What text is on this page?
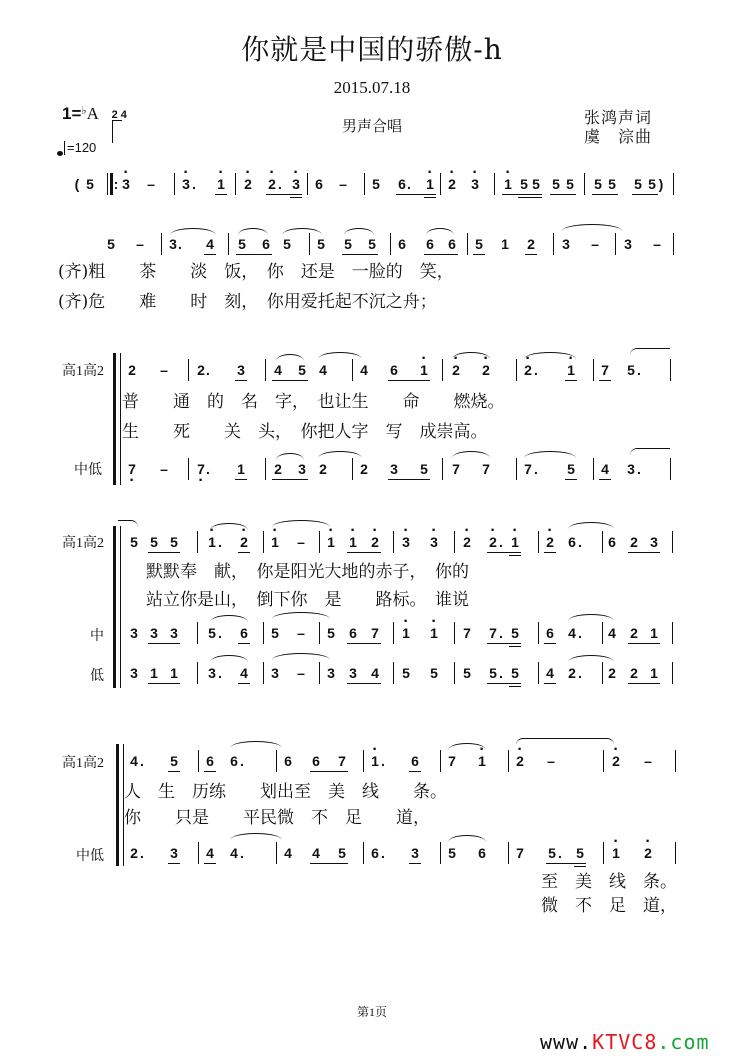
你就是中国的骄傲-h
2015.07.18
男声合唱	张鸿声词
虞　淙曲
1=♭A 2 4
=120
( 5 : · 3 – · 3 . · 1 · 2 · 2 . · 3 6 – 5 6 . · 1 · 2 · 3 · 1 5 5 5 5 5 5 5 5 )
5 – 3 . 4 5 6 5 5 5 5 6 6 6 5 1 2 3 – 3 –
(齐)粗　　茶　　淡　饭，　你　还是　一脸的　笑，
(齐)危　　难　　时　刻，　你用爱托起不沉之舟；
高1高2
中低
2 – 2 . 3 4 5 4 4 6 · 1 · 2 · 2 · 2 . · 1 7 5 .
普　　通　的　名　字，　也让生　　命　　燃烧。
生　　死　　关　头，　你把人字　写　成崇高。
7 · – 7 · . 1 2 3 2 2 3 5 7 7 7 . 5 4 3 .
高1高2
中
低
5 5 5 · 1 . · 2 · 1 – · 1 · 1 · 2 · 3 · 3 · 2 · 2 . · 1 · 2 6 . 6 2 3
默默奉　献，　你是阳光大地的赤子，　你的
站立你是山，　倒下你　是　　路标。　谁说
3 3 3 5 . 6 5 – 5 6 7 · 1 · 1 7 7 . 5 6 4 . 4 2 1
3 1 1 3 . 4 3 – 3 3 4 5 5 5 5 . 5 4 2 . 2 2 1
高1高2
中低
4 . 5 6 6 .	6 6 7 · 1 . 6 7 · 1 · 2 –	· 2 –
人　生　历练　　划出至　美　线　　条。
你　　只是　　平民微　不　足　　道，
2 . 3 4 4 .	4 4 5 6 . 3 5 6 7 5 . 5 · 1 · 2
至　美　线　条。
微　不　足　道，
第1页
www.KTVC8.com
